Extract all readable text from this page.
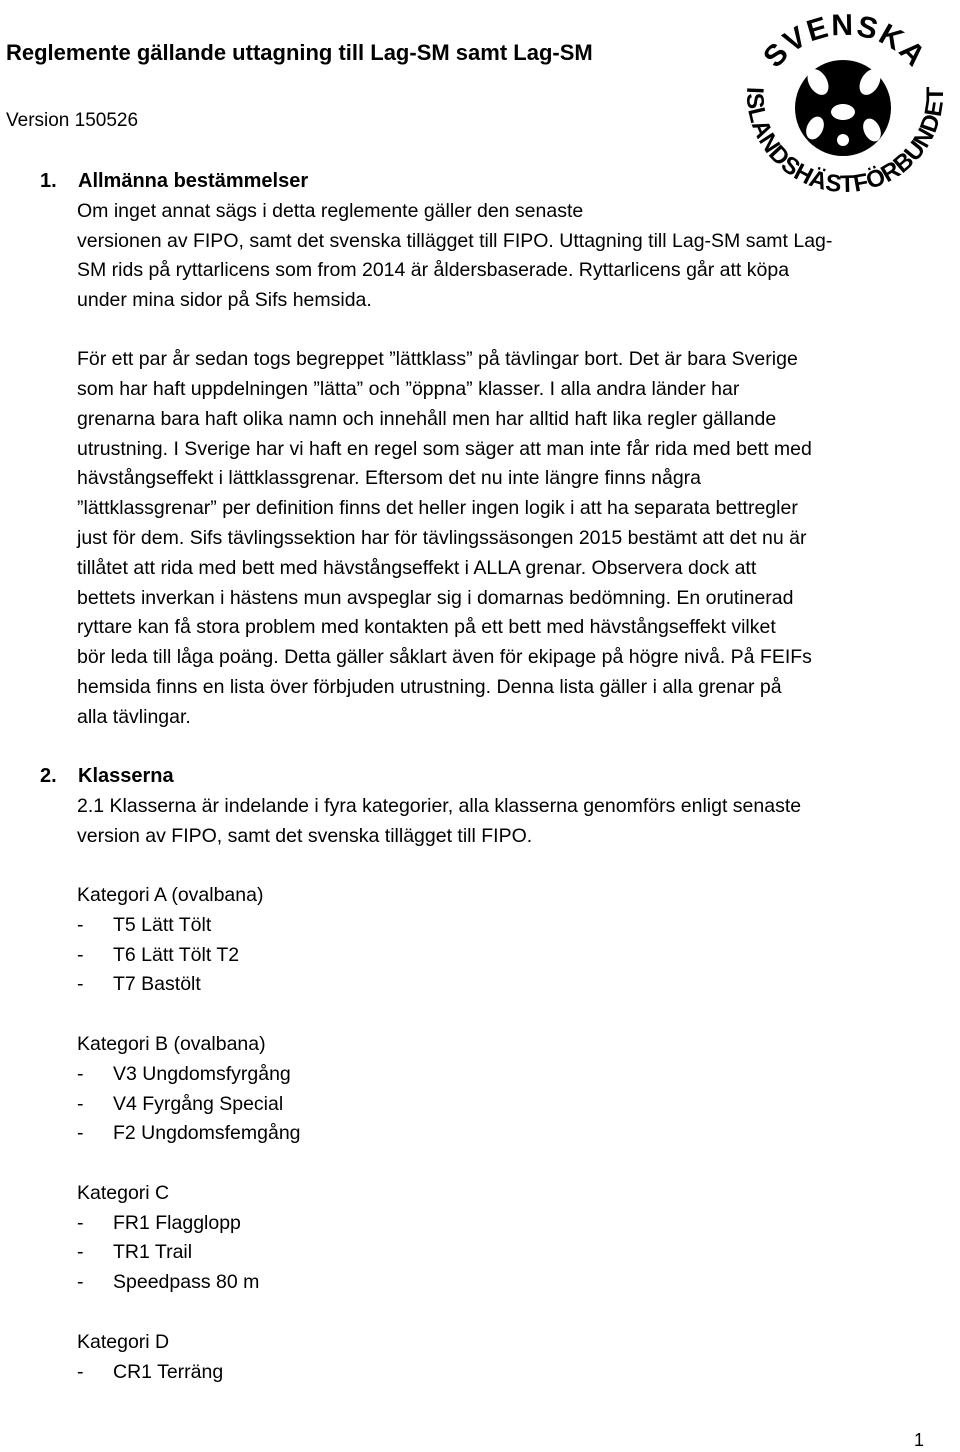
Reglemente gällande uttagning till Lag-SM samt Lag-SM
Version 150526
SVENSKA
ISLANDSHÄSTFÖRBUNDET
1. Allmänna bestämmelser
Om inget annat sägs i detta reglemente gäller den senaste
versionen av FIPO, samt det svenska tillägget till FIPO. Uttagning till Lag-SM samt Lag-
SM rids på ryttarlicens som from 2014 är åldersbaserade. Ryttarlicens går att köpa
under mina sidor på Sifs hemsida.
För ett par år sedan togs begreppet ”lättklass” på tävlingar bort. Det är bara Sverige
som har haft uppdelningen ”lätta” och ”öppna” klasser. I alla andra länder har
grenarna bara haft olika namn och innehåll men har alltid haft lika regler gällande
utrustning. I Sverige har vi haft en regel som säger att man inte får rida med bett med
hävstångseffekt i lättklassgrenar. Eftersom det nu inte längre finns några
”lättklassgrenar” per definition finns det heller ingen logik i att ha separata bettregler
just för dem. Sifs tävlingssektion har för tävlingssäsongen 2015 bestämt att det nu är
tillåtet att rida med bett med hävstångseffekt i ALLA grenar. Observera dock att
bettets inverkan i hästens mun avspeglar sig i domarnas bedömning. En orutinerad
ryttare kan få stora problem med kontakten på ett bett med hävstångseffekt vilket
bör leda till låga poäng. Detta gäller såklart även för ekipage på högre nivå. På FEIFs
hemsida finns en lista över förbjuden utrustning. Denna lista gäller i alla grenar på
alla tävlingar.
2. Klasserna
2.1 Klasserna är indelande i fyra kategorier, alla klasserna genomförs enligt senaste
version av FIPO, samt det svenska tillägget till FIPO.
Kategori A (ovalbana)
- T5 Lätt Tölt
- T6 Lätt Tölt T2
- T7 Bastölt
Kategori B (ovalbana)
- V3 Ungdomsfyrgång
- V4 Fyrgång Special
- F2 Ungdomsfemgång
Kategori C
- FR1 Flagglopp
- TR1 Trail
- Speedpass 80 m
Kategori D
- CR1 Terräng
1
